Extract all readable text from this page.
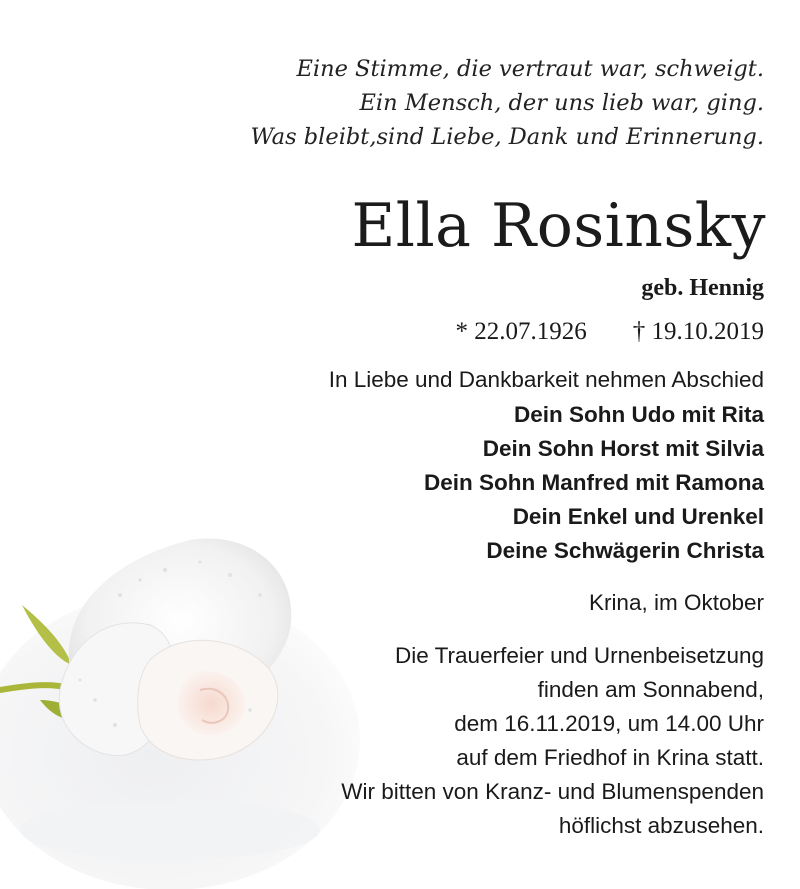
Eine Stimme, die vertraut war, schweigt.
Ein Mensch, der uns lieb war, ging.
Was bleibt,sind Liebe, Dank und Erinnerung.
Ella Rosinsky
geb. Hennig
* 22.07.1926 † 19.10.2019
In Liebe und Dankbarkeit nehmen Abschied
Dein Sohn Udo mit Rita
Dein Sohn Horst mit Silvia
Dein Sohn Manfred mit Ramona
Dein Enkel und Urenkel
Deine Schwägerin Christa
Krina, im Oktober
Die Trauerfeier und Urnenbeisetzung
finden am Sonnabend,
dem 16.11.2019, um 14.00 Uhr
auf dem Friedhof in Krina statt.
Wir bitten von Kranz- und Blumenspenden
höflichst abzusehen.
